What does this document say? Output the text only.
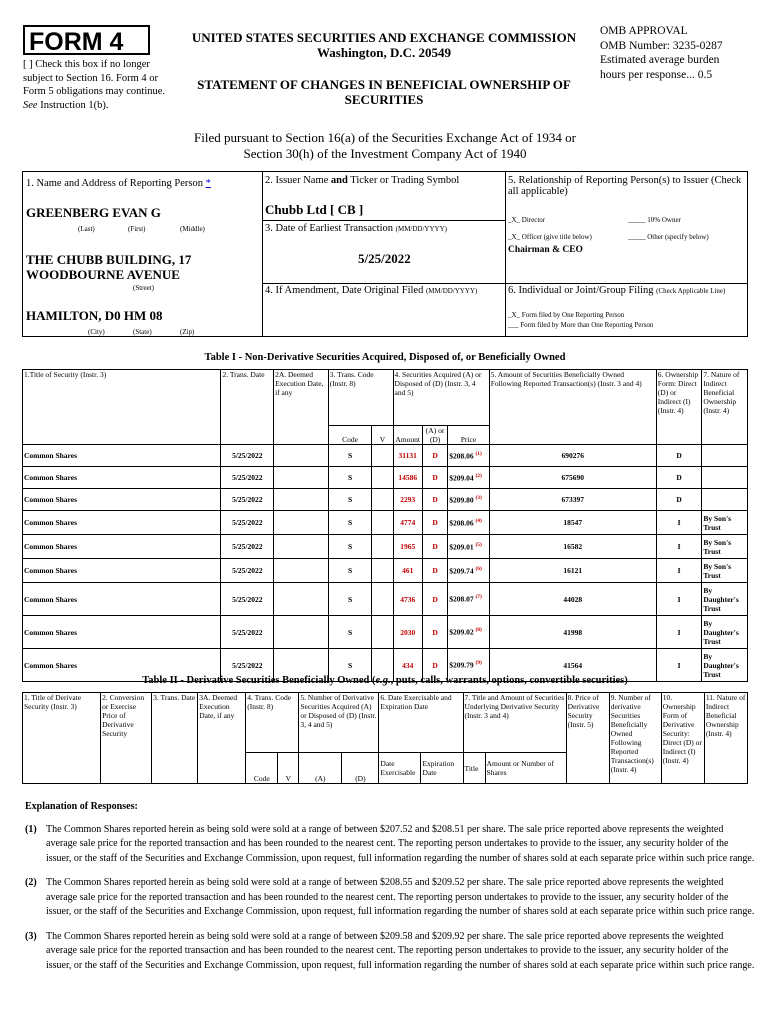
FORM 4
[ ] Check this box if no longer subject to Section 16. Form 4 or Form 5 obligations may continue. See Instruction 1(b).
UNITED STATES SECURITIES AND EXCHANGE COMMISSION
Washington, D.C. 20549
STATEMENT OF CHANGES IN BENEFICIAL OWNERSHIP OF SECURITIES
OMB APPROVAL
OMB Number: 3235-0287
Estimated average burden
hours per response... 0.5
Filed pursuant to Section 16(a) of the Securities Exchange Act of 1934 or
Section 30(h) of the Investment Company Act of 1940
1. Name and Address of Reporting Person *
GREENBERG EVAN G
(Last)	(First)	(Middle)
THE CHUBB BUILDING, 17 WOODBOURNE AVENUE
(Street)
HAMILTON, D0 HM 08
(City)	(State)	(Zip)
2. Issuer Name and Ticker or Trading Symbol
Chubb Ltd [ CB ]
3. Date of Earliest Transaction (MM/DD/YYYY)
5/25/2022
4. If Amendment, Date Original Filed (MM/DD/YYYY)
5. Relationship of Reporting Person(s) to Issuer (Check all applicable)
_X_ Director	_____ 10% Owner
_X_ Officer (give title below)	_____ Other (specify below)
Chairman & CEO
6. Individual or Joint/Group Filing (Check Applicable Line)
_X_ Form filed by One Reporting Person
___ Form filed by More than One Reporting Person
Table I - Non-Derivative Securities Acquired, Disposed of, or Beneficially Owned
1.Title of Security (Instr. 3)	2. Trans. Date	2A. Deemed Execution Date, if any	3. Trans. Code (Instr. 8)		4. Securities Acquired (A) or Disposed of (D) (Instr. 3, 4 and 5)			5. Amount of Securities Beneficially Owned Following Reported Transaction(s) (Instr. 3 and 4)	6. Ownership Form: Direct (D) or Indirect (I) (Instr. 4)	7. Nature of Indirect Beneficial Ownership (Instr. 4)
			Code	V	Amount	(A) or (D)	Price			
Common Shares	5/25/2022		S		31131	D	$208.06 $^{(1)}$	690276	D	
Common Shares	5/25/2022		S		14586	D	$209.04 $^{(2)}$	675690	D	
Common Shares	5/25/2022		S		2293	D	$209.80 $^{(3)}$	673397	D	
Common Shares	5/25/2022		S		4774	D	$208.06 $^{(4)}$	18547	I	By Son's Trust
Common Shares	5/25/2022		S		1965	D	$209.01 $^{(5)}$	16582	I	By Son's Trust
Common Shares	5/25/2022		S		461	D	$209.74 $^{(6)}$	16121	I	By Son's Trust
Common Shares	5/25/2022		S		4736	D	$208.07 $^{(7)}$	44028	I	By Daughter's Trust
Common Shares	5/25/2022		S		2030	D	$209.02 $^{(8)}$	41998	I	By Daughter's Trust
Common Shares	5/25/2022		S		434	D	$209.79 $^{(9)}$	41564	I	By Daughter's Trust
Table II - Derivative Securities Beneficially Owned (e.g., puts, calls, warrants, options, convertible securities)
1. Title of Derivate Security (Instr. 3)	2. Conversion or Exercise Price of Derivative Security	3. Trans. Date	3A. Deemed Execution Date, if any	4. Trans. Code (Instr. 8)		5. Number of Derivative Securities Acquired (A) or Disposed of (D) (Instr. 3, 4 and 5)		6. Date Exercisable and Expiration Date		7. Title and Amount of Securities Underlying Derivative Security (Instr. 3 and 4)		8. Price of Derivative Security (Instr. 5)	9. Number of derivative Securities Beneficially Owned Following Reported Transaction(s) (Instr. 4)	10. Ownership Form of Derivative Security: Direct (D) or Indirect (I) (Instr. 4)	11. Nature of Indirect Beneficial Ownership (Instr. 4)
				Code	V	(A)	(D)	Date Exercisable	Expiration Date	Title	Amount or Number of Shares				
Explanation of Responses:

(1) The Common Shares reported herein as being sold were sold at a range of between $207.52 and $208.51 per share. The sale price reported above represents the weighted average sale price for the reported transaction and has been rounded to the nearest cent. The reporting person undertakes to provide to the issuer, any security holder of the issuer, or the staff of the Securities and Exchange Commission, upon request, full information regarding the number of shares sold at each separate price within such price range.

(2) The Common Shares reported herein as being sold were sold at a range of between $208.55 and $209.52 per share. The sale price reported above represents the weighted average sale price for the reported transaction and has been rounded to the nearest cent. The reporting person undertakes to provide to the issuer, any security holder of the issuer, or the staff of the Securities and Exchange Commission, upon request, full information regarding the number of shares sold at each separate price within such price range.

(3) The Common Shares reported herein as being sold were sold at a range of between $209.58 and $209.92 per share. The sale price reported above represents the weighted average sale price for the reported transaction and has been rounded to the nearest cent. The reporting person undertakes to provide to the issuer, any security holder of the issuer, or the staff of the Securities and Exchange Commission, upon request, full information regarding the number of shares sold at each separate price within such price range.
